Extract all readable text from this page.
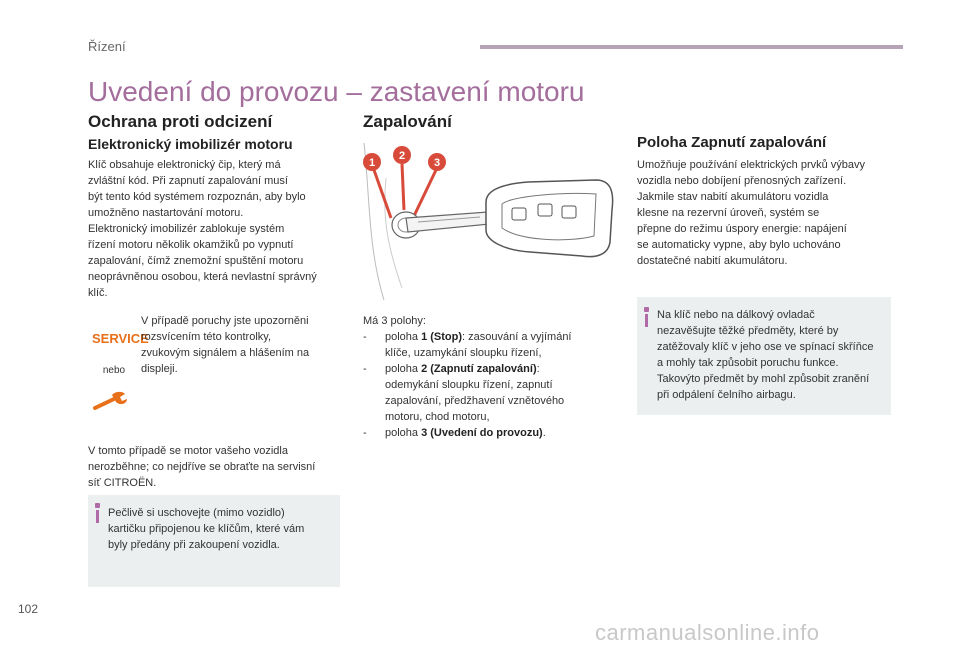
Řízení
Uvedení do provozu – zastavení motoru
Ochrana proti odcizení
Elektronický imobilizér motoru
Klíč obsahuje elektronický čip, který má
zvláštní kód. Při zapnutí zapalování musí
být tento kód systémem rozpoznán, aby bylo
umožněno nastartování motoru.
Elektronický imobilizér zablokuje systém
řízení motoru několik okamžiků po vypnutí
zapalování, čímž znemožní spuštění motoru
neoprávněnou osobou, která nevlastní správný
klíč.
SERVICE
nebo
V případě poruchy jste upozorněni
rozsvícením této kontrolky,
zvukovým signálem a hlášením na
displeji.
V tomto případě se motor vašeho vozidla
nerozběhne; co nejdříve se obraťte na servisní
síť CITROËN.
Pečlivě si uschovejte (mimo vozidlo)
kartičku připojenou ke klíčům, které vám
byly předány při zakoupení vozidla.
Zapalování
1
2
3
Má 3 polohy:
- poloha 1 (Stop): zasouvání a vyjímání
klíče, uzamykání sloupku řízení,
- poloha 2 (Zapnutí zapalování):
odemykání sloupku řízení, zapnutí
zapalování, předžhavení vznětového
motoru, chod motoru,
- poloha 3 (Uvedení do provozu).
Poloha Zapnutí zapalování
Umožňuje používání elektrických prvků výbavy
vozidla nebo dobíjení přenosných zařízení.
Jakmile stav nabití akumulátoru vozidla
klesne na rezervní úroveň, systém se
přepne do režimu úspory energie: napájení
se automaticky vypne, aby bylo uchováno
dostatečné nabití akumulátoru.
Na klíč nebo na dálkový ovladač
nezavěšujte těžké předměty, které by
zatěžovaly klíč v jeho ose ve spínací skříňce
a mohly tak způsobit poruchu funkce.
Takovýto předmět by mohl způsobit zranění
při odpálení čelního airbagu.
102
carmanualsonline.info
